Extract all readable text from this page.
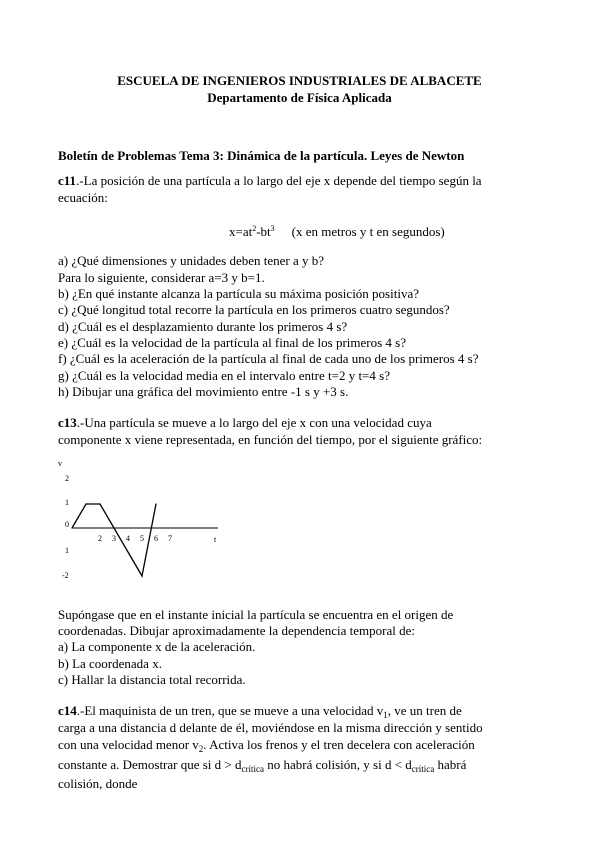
ESCUELA DE INGENIEROS INDUSTRIALES DE ALBACETE
Departamento de Física Aplicada
Boletín de Problemas Tema 3: Dinámica de la partícula. Leyes de Newton
c11.-La posición de una partícula a lo largo del eje x depende del tiempo según la
ecuación:
$x=at^2-bt^3$ (x en metros y t en segundos)
a) ¿Qué dimensiones y unidades deben tener a y b?
Para lo siguiente, considerar a=3 y b=1.
b) ¿En qué instante alcanza la partícula su máxima posición positiva?
c) ¿Qué longitud total recorre la partícula en los primeros cuatro segundos?
d) ¿Cuál es el desplazamiento durante los primeros 4 s?
e) ¿Cuál es la velocidad de la partícula al final de los primeros 4 s?
f) ¿Cuál es la aceleración de la partícula al final de cada uno de los primeros 4 s?
g) ¿Cuál es la velocidad media en el intervalo entre t=2 y t=4 s?
h) Dibujar una gráfica del movimiento entre -1 s y +3 s.
c13.-Una partícula se mueve a lo largo del eje x con una velocidad cuya
componente x viene representada, en función del tiempo, por el siguiente gráfico:
v
2
1
0
1
-2
t
2 3 4 5 6 7
Supóngase que en el instante inicial la partícula se encuentra en el origen de
coordenadas. Dibujar aproximadamente la dependencia temporal de:
a) La componente x de la aceleración.
b) La coordenada x.
c) Hallar la distancia total recorrida.
c14.-El maquinista de un tren, que se mueve a una velocidad $v_1$, ve un tren de
carga a una distancia d delante de él, moviéndose en la misma dirección y sentido
con una velocidad menor $v_2$. Activa los frenos y el tren decelera con aceleración
constante a. Demostrar que si $d > d_{crítica}$ no habrá colisión, y si $d < d_{crítica}$ habrá
colisión, donde
